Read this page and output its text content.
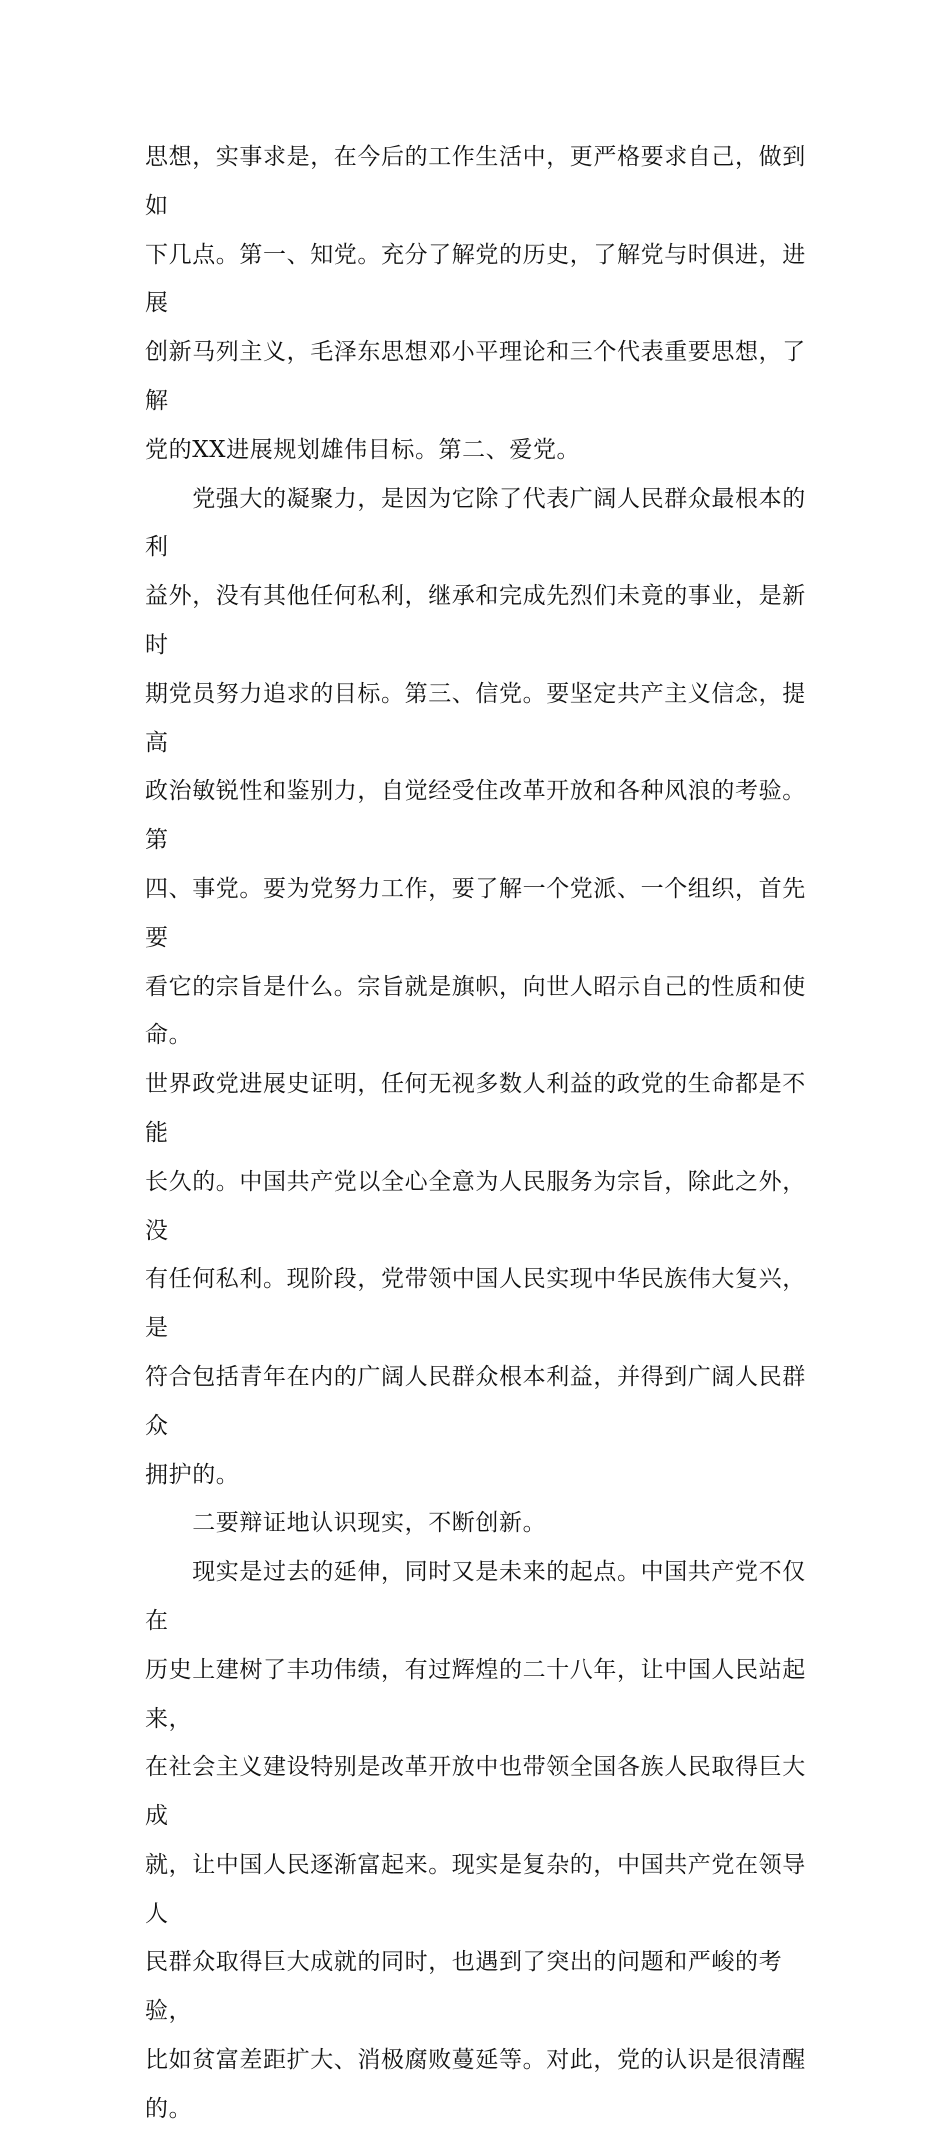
思想，实事求是，在今后的工作生活中，更严格要求自己，做到如
下几点。第一、知党。充分了解党的历史，了解党与时俱进，进展
创新马列主义，毛泽东思想邓小平理论和三个代表重要思想，了解
党的XX进展规划雄伟目标。第二、爱党。

　　党强大的凝聚力，是因为它除了代表广阔人民群众最根本的利
益外，没有其他任何私利，继承和完成先烈们未竟的事业，是新时
期党员努力追求的目标。第三、信党。要坚定共产主义信念，提高
政治敏锐性和鉴别力，自觉经受住改革开放和各种风浪的考验。第
四、事党。要为党努力工作，要了解一个党派、一个组织，首先要
看它的宗旨是什么。宗旨就是旗帜，向世人昭示自己的性质和使命。
世界政党进展史证明，任何无视多数人利益的政党的生命都是不能
长久的。中国共产党以全心全意为人民服务为宗旨，除此之外，没
有任何私利。现阶段，党带领中国人民实现中华民族伟大复兴，是
符合包括青年在内的广阔人民群众根本利益，并得到广阔人民群众
拥护的。

　　二要辩证地认识现实，不断创新。

　　现实是过去的延伸，同时又是未来的起点。中国共产党不仅在
历史上建树了丰功伟绩，有过辉煌的二十八年，让中国人民站起来，
在社会主义建设特别是改革开放中也带领全国各族人民取得巨大成
就，让中国人民逐渐富起来。现实是复杂的，中国共产党在领导人
民群众取得巨大成就的同时，也遇到了突出的问题和严峻的考验，
比如贫富差距扩大、消极腐败蔓延等。对此，党的认识是很清醒的。
